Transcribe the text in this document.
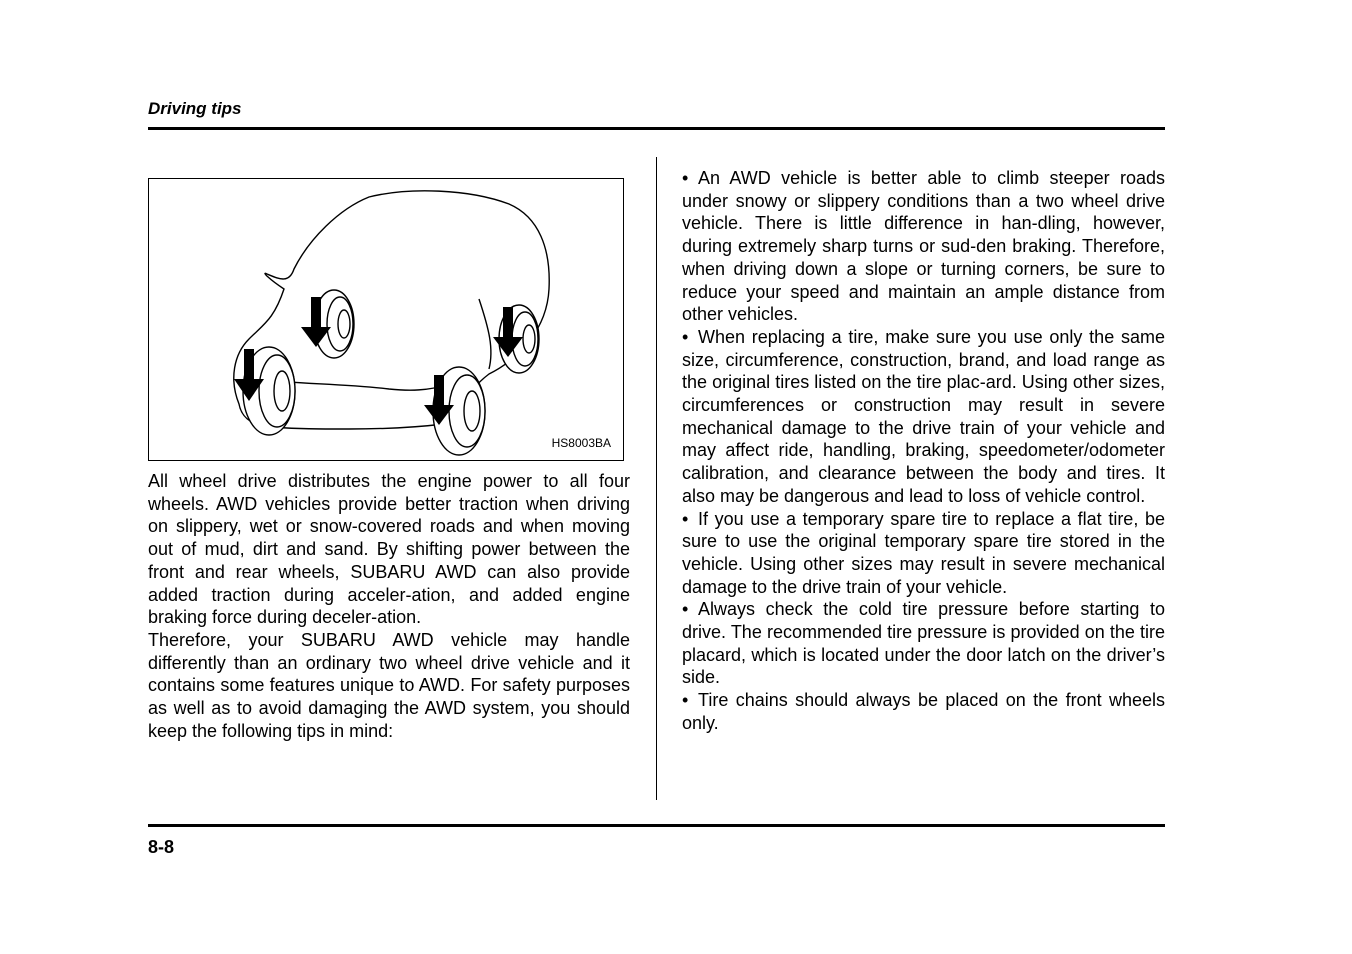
Driving tips
HS8003BA

All wheel drive distributes the engine power to all four wheels. AWD vehicles provide better traction when driving on slippery, wet or snow-covered roads and when moving out of mud, dirt and sand. By shifting power between the front and rear wheels, SUBARU AWD can also provide added traction during acceler-ation, and added engine braking force during deceler-ation.

Therefore, your SUBARU AWD vehicle may handle differently than an ordinary two wheel drive vehicle and it contains some features unique to AWD. For safety purposes as well as to avoid damaging the AWD system, you should keep the following tips in mind:

• An AWD vehicle is better able to climb steeper roads under snowy or slippery conditions than a two wheel drive vehicle. There is little difference in han-dling, however, during extremely sharp turns or sud-den braking. Therefore, when driving down a slope or turning corners, be sure to reduce your speed and maintain an ample distance from other vehicles.

• When replacing a tire, make sure you use only the same size, circumference, construction, brand, and load range as the original tires listed on the tire plac-ard. Using other sizes, circumferences or construction may result in severe mechanical damage to the drive train of your vehicle and may affect ride, handling, braking, speedometer/odometer calibration, and clearance between the body and tires. It also may be dangerous and lead to loss of vehicle control.

• If you use a temporary spare tire to replace a flat tire, be sure to use the original temporary spare tire stored in the vehicle. Using other sizes may result in severe mechanical damage to the drive train of your vehicle.

• Always check the cold tire pressure before starting to drive. The recommended tire pressure is provided on the tire placard, which is located under the door latch on the driver’s side.

• Tire chains should always be placed on the front wheels only.

8-8
